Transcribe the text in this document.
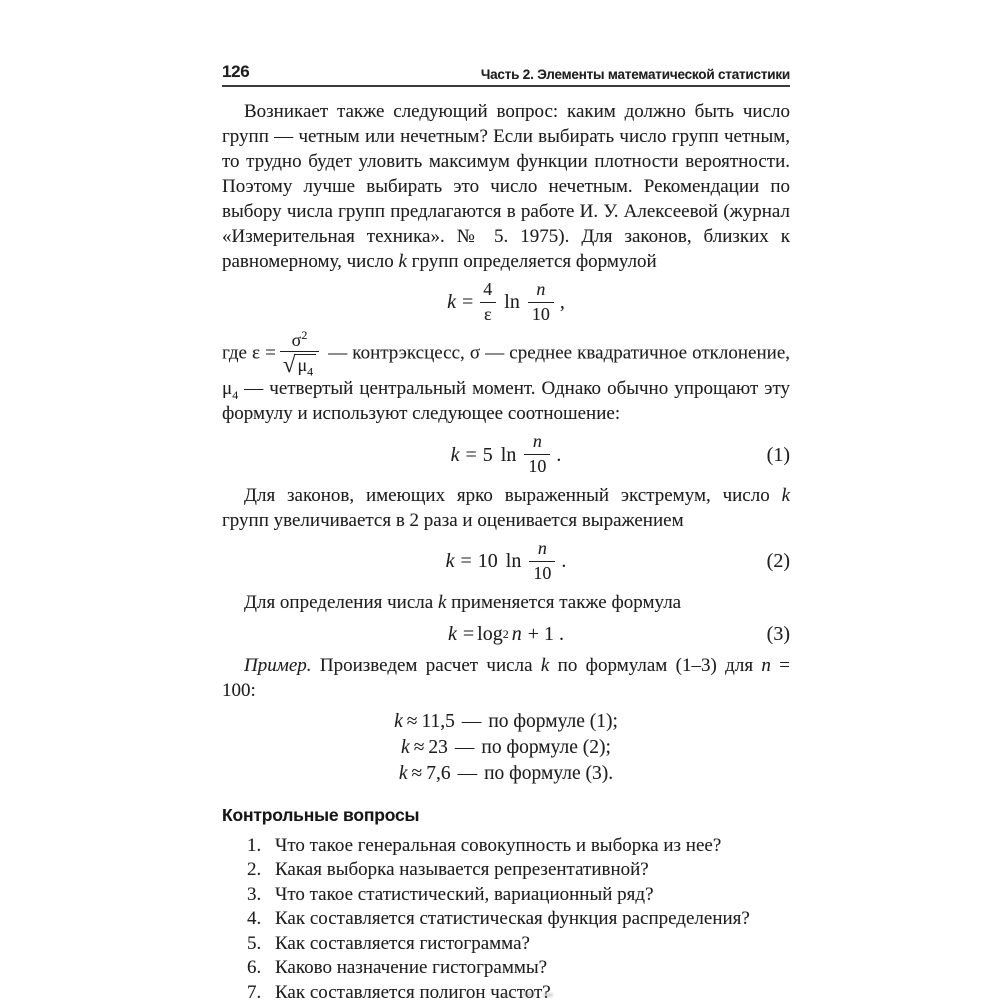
126	Часть 2. Элементы математической статистики

Возникает также следующий вопрос: каким должно быть число групп — четным или нечетным? Если выбирать число групп четным, то трудно будет уловить максимум функции плотности вероятности. Поэтому лучше выбирать это число нечетным. Рекомендации по выбору числа групп предлагаются в работе И. У. Алексеевой (журнал «Измерительная техника». № 5. 1975). Для законов, близких к равномерному, число k групп определяется формулой

$k = \frac{4}{\varepsilon}$ $\ln \frac{n}{10}$ ,

где $\varepsilon = \frac{\sigma^2}{√ \mu_4}$ — контрэксцесс, σ — среднее квадратичное отклонение, $\mu_4$ — четвертый центральный момент. Однако обычно упрощают эту формулу и используют следующее соотношение:

k = 5 $\ln \frac{n}{10}$ .	(1)

Для законов, имеющих ярко выраженный экстремум, число k групп увеличивается в 2 раза и оценивается выражением

k = 10 $\ln \frac{n}{10}$ .	(2)

Для определения числа k применяется также формула

k = log 2 n + 1 .	(3)

Пример. Произведем расчет числа k по формулам (1–3) для n = 100:

k ≈ 11,5 — по формуле (1);
k ≈ 23 — по формуле (2);
k ≈ 7,6 — по формуле (3).
Контрольные вопросы
1. Что такое генеральная совокупность и выборка из нее?
2. Какая выборка называется репрезентативной?
3. Что такое статистический, вариационный ряд?
4. Как составляется статистическая функция распределения?
5. Как составляется гистограмма?
6. Каково назначение гистограммы?
7. Как составляется полигон частот?
